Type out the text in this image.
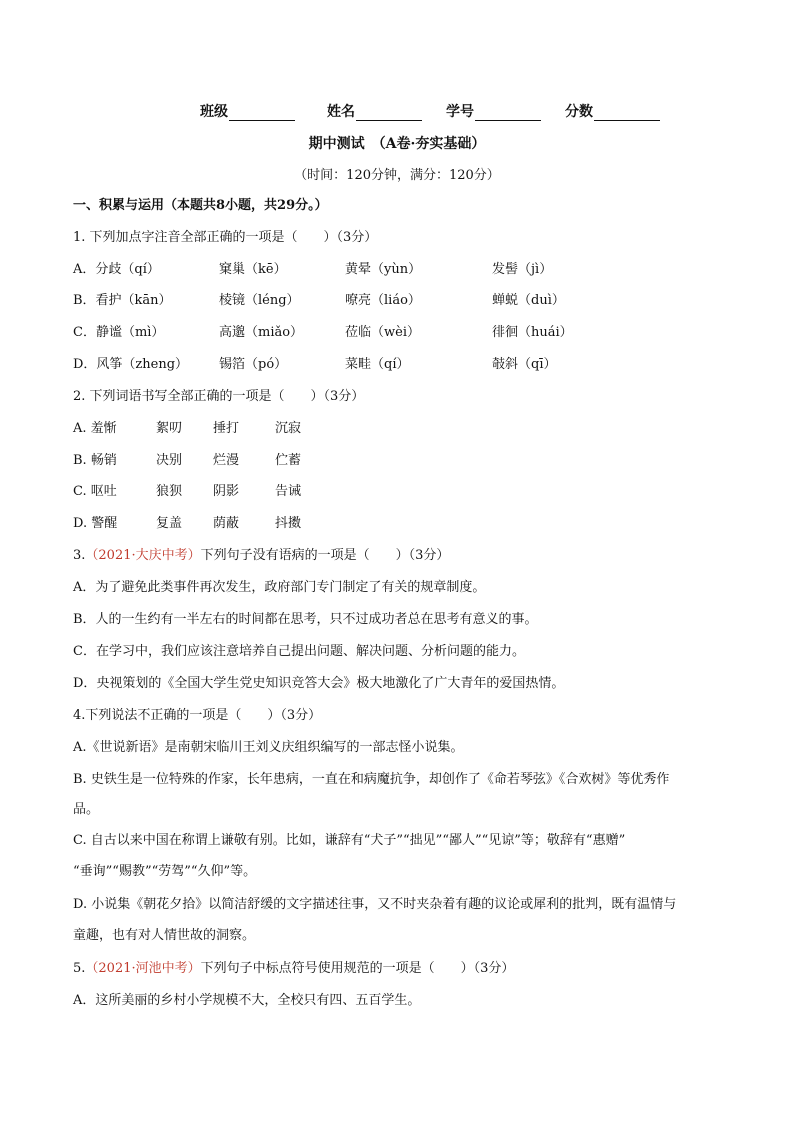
班级	姓名	学号	分数
期中测试　（A卷·夯实基础）
（时间：120分钟，满分：120分）
一、积累与运用（本题共8小题，共29分。）
1. 下列加点字注音全部正确的一项是（　　）（3分）
A．分歧（qí）	窠巢（kē）	黄晕（yùn）	发髻（jì）
B．看护（kān）	棱镜（léng）	嘹亮（liáo）	蝉蜕（duì）
C．静谧（mì）	高邈（miǎo）	莅临（wèi）	徘徊（huái）
D．风筝（zheng） 锡箔（pó）	菜畦（qí）	攲斜（qī）
2. 下列词语书写全部正确的一项是（　　）（3分）
A. 羞惭	絮叨 捶打	沉寂
B. 畅销	决别 烂漫	伫蓄
C. 呕吐	狼狈 阴影	告诫
D. 警醒	复盖 荫蔽	抖擞
3.（2021·大庆中考）下列句子没有语病的一项是（　　）（3分）
A．为了避免此类事件再次发生，政府部门专门制定了有关的规章制度。
B．人的一生约有一半左右的时间都在思考，只不过成功者总在思考有意义的事。
C．在学习中，我们应该注意培养自己提出问题、解决问题、分析问题的能力。
D．央视策划的《全国大学生党史知识竞答大会》极大地激化了广大青年的爱国热情。
4.下列说法不正确的一项是（　　）（3分）
A.《世说新语》是南朝宋临川王刘义庆组织编写的一部志怪小说集。
B. 史铁生是一位特殊的作家，长年患病，一直在和病魔抗争，却创作了《命若琴弦》《合欢树》等优秀作
品。
C. 自古以来中国在称谓上谦敬有别。比如，谦辞有“犬子”“拙见”“鄙人”“见谅”等；敬辞有“惠赠”
“垂询”“赐教”“劳驾”“久仰”等。
D. 小说集《朝花夕拾》以简洁舒缓的文字描述往事，又不时夹杂着有趣的议论或犀利的批判，既有温情与
童趣，也有对人情世故的洞察。
5.（2021·河池中考）下列句子中标点符号使用规范的一项是（　　）（3分）
A．这所美丽的乡村小学规模不大，全校只有四、五百学生。
